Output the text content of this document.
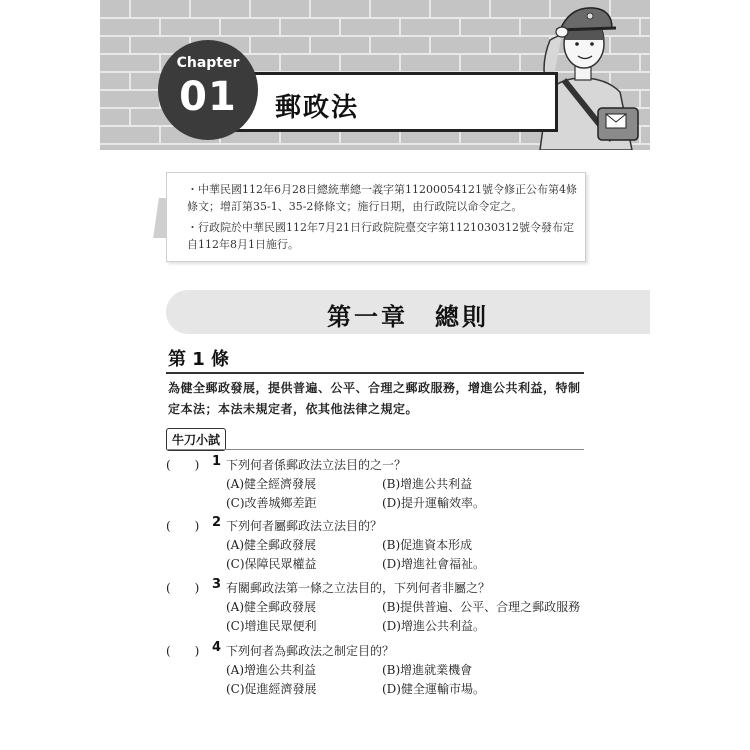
Chapter
01	郵政法
・中華民國112年6月28日總統華總一義字第11200054121號令修正公布第4條條文；增訂第35-1、35-2條條文；施行日期，由行政院以命令定之。
・行政院於中華民國112年7月21日行政院院臺交字第1121030312號令發布定自112年8月1日施行。
第一章　總則
第 1 條
為健全郵政發展，提供普遍、公平、合理之郵政服務，增進公共利益，特制定本法；本法未規定者，依其他法律之規定。
牛刀小試
(　　) 1 下列何者係郵政法立法目的之一？
(A)健全經濟發展	(B)增進公共利益
(C)改善城鄉差距	(D)提升運輸效率。
(　　) 2 下列何者屬郵政法立法目的？
(A)健全郵政發展	(B)促進資本形成
(C)保障民眾權益	(D)增進社會福祉。
(　　) 3 有關郵政法第一條之立法目的，下列何者非屬之？
(A)健全郵政發展	(B)提供普遍、公平、合理之郵政服務
(C)增進民眾便利	(D)增進公共利益。
(　　) 4 下列何者為郵政法之制定目的？
(A)增進公共利益	(B)增進就業機會
(C)促進經濟發展	(D)健全運輸市場。
